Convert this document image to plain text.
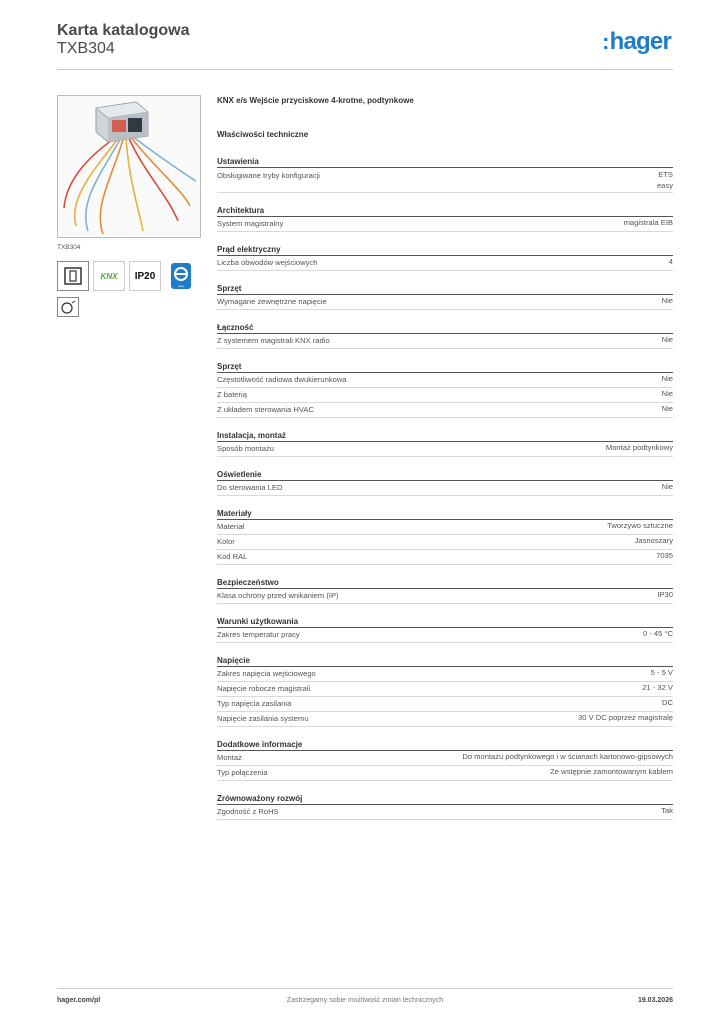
Karta katalogowa
TXB304	:hager
TXB304
KNX IP20
easy
KNX e/s Wejście przyciskowe 4-krotne, podtynkowe
Właściwości techniczne
Ustawienia
Obsługiwane tryby konfiguracji	ETS
easy
Architektura
System magistralny	magistrala EIB
Prąd elektryczny
Liczba obwodów wejściowych	4
Sprzęt
Wymagane zewnętrzne napięcie	Nie
Łączność
Z systemem magistrali KNX radio	Nie
Sprzęt
Częstotliwość radiowa dwukierunkowa	Nie
Z baterią	Nie
Z układem sterowania HVAC	Nie
Instalacja, montaż
Sposób montażu	Montaż podtynkowy
Oświetlenie
Do sterowania LED	Nie
Materiały
Materiał	Tworzywo sztuczne
Kolor	Jasnoszary
Kod RAL	7035
Bezpieczeństwo
Klasa ochrony przed wnikaniem (IP)	IP30
Warunki użytkowania
Zakres temperatur pracy	0 - 45 °C
Napięcie
Zakres napięcia wejściowego	5 - 5 V
Napięcie robocze magistrali	21 - 32 V
Typ napięcia zasilania	DC
Napięcie zasilania systemu	30 V DC poprzez magistralę
Dodatkowe informacje
Montaż	Do montażu podtynkowego i w ścianach kartonowo-gipsowych
Typ połączenia	Ze wstępnie zamontowanym kablem
Zrównoważony rozwój
Zgodność z RoHS	Tak
hager.com/pl	Zastrzegamy sobie możliwość zmian technicznych	19.03.2026
